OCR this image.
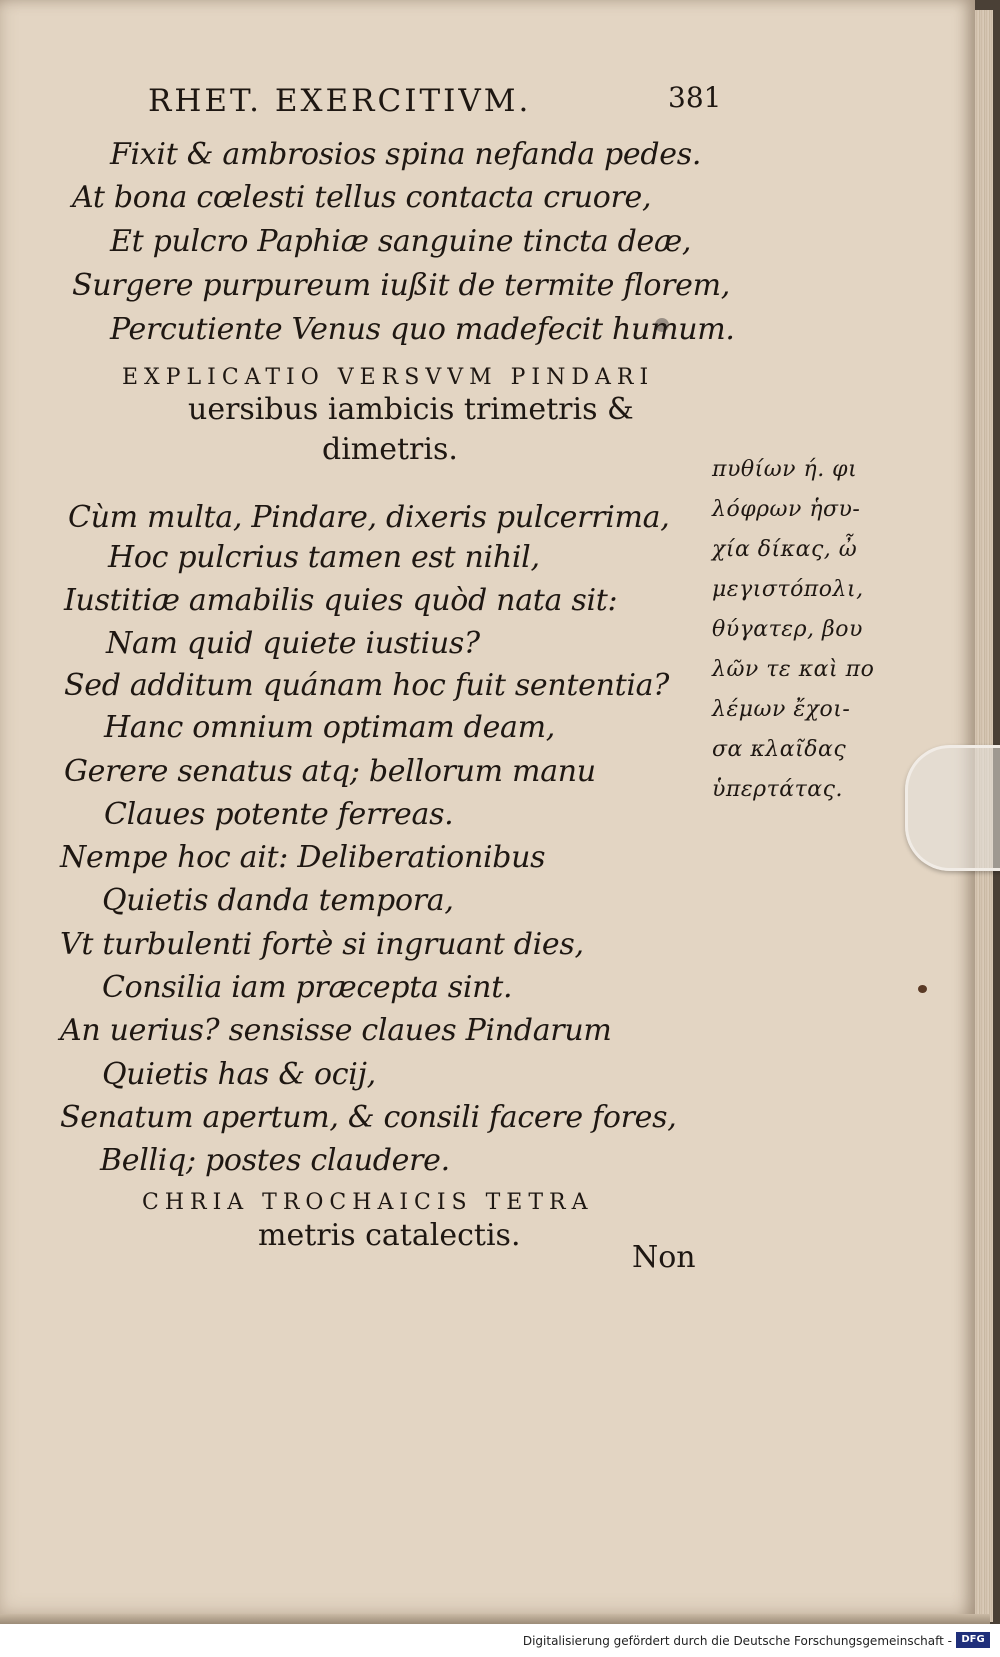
RHET. EXERCITIVM.	381
Fixit & ambrosios spina nefanda pedes.
At bona cœlesti tellus contacta cruore,
Et pulcro Paphiæ sanguine tincta deæ,
Surgere purpureum iußit de termite florem,
Percutiente Venus quo madefecit humum.
EXPLICATIO VERSVVM PINDARI
uersibus iambicis trimetris &
dimetris.
Cùm multa, Pindare, dixeris pulcerrima,
Hoc pulcrius tamen est nihil,
Iustitiæ amabilis quies quòd nata sit:
Nam quid quiete iustius?
Sed additum quánam hoc fuit sententia?
Hanc omnium optimam deam,
Gerere senatus atq; bellorum manu
Claues potente ferreas.
Nempe hoc ait: Deliberationibus
Quietis danda tempora,
Vt turbulenti fortè si ingruant dies,
Consilia iam præcepta sint.
An uerius? sensisse claues Pindarum
Quietis has & ocij,
Senatum apertum, & consili facere fores,
Belliq; postes claudere.
πυθίων ή. φι
λόφρων ἡσυ-
χία δίκας, ὦ
μεγιστόπολι,
θύγατερ, βου
λῶν τε καὶ πο
λέμων ἔχοι-
σα κλαῖδας
ὑπερτάτας.
CHRIA TROCHAICIS TETRA
metris catalectis.
Non
Digitalisierung gefördert durch die Deutsche Forschungsgemeinschaft - DFG
